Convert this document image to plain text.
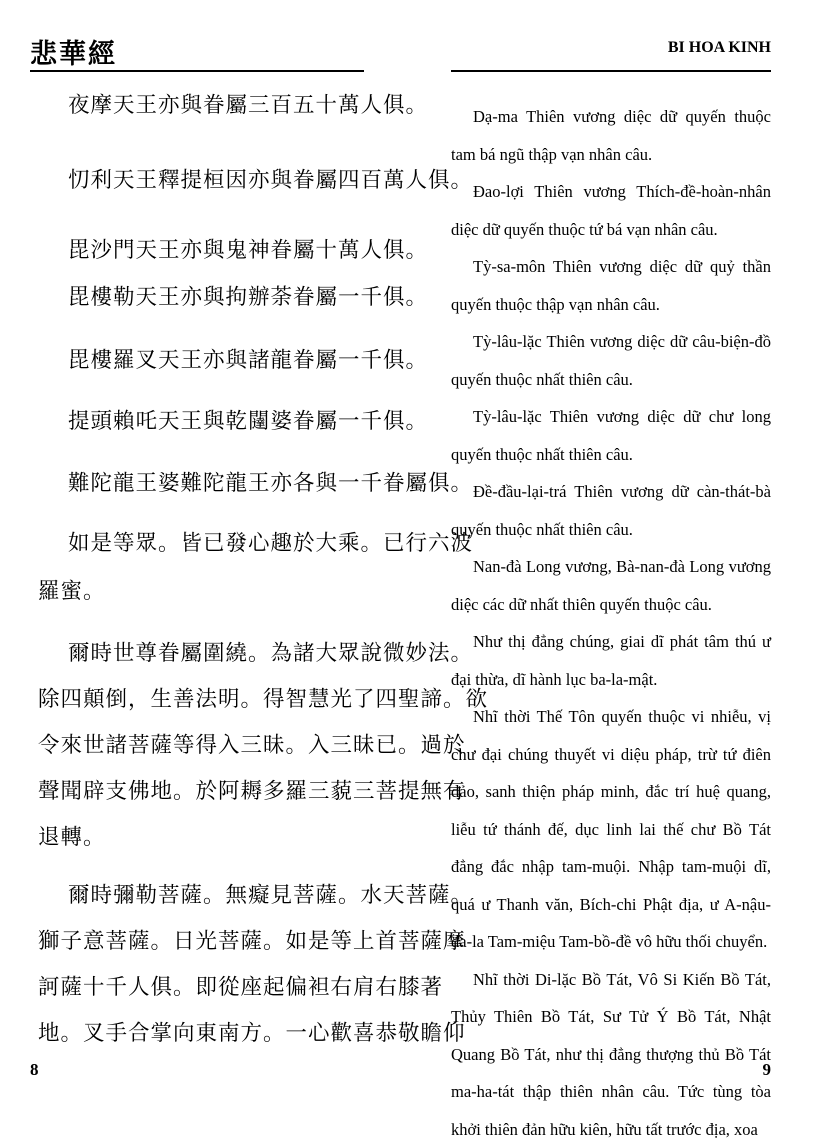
悲華經
夜摩天王亦與眷屬三百五十萬人俱。
忉利天王釋提桓因亦與眷屬四百萬人俱。
毘沙門天王亦與鬼神眷屬十萬人俱。
毘樓勒天王亦與拘辦荼眷屬一千俱。
毘樓羅叉天王亦與諸龍眷屬一千俱。
提頭賴吒天王與乾闥婆眷屬一千俱。
難陀龍王婆難陀龍王亦各與一千眷屬俱。
如是等眾。皆已發心趣於大乘。已行六波
羅蜜。
爾時世尊眷屬圍繞。為諸大眾說微妙法。
除四顛倒，生善法明。得智慧光了四聖諦。欲
令來世諸菩薩等得入三昧。入三昧已。過於
聲聞辟支佛地。於阿耨多羅三藐三菩提無有
退轉。
爾時彌勒菩薩。無癡見菩薩。水天菩薩。
獅子意菩薩。日光菩薩。如是等上首菩薩摩
訶薩十千人俱。即從座起偏袒右肩右膝著
地。叉手合掌向東南方。一心歡喜恭敬瞻仰
8
BI HOA KINH

Dạ-ma Thiên vương diệc dữ quyến thuộc tam bá ngũ thập vạn nhân câu.

Đao-lợi Thiên vương Thích-đề-hoàn-nhân diệc dữ quyến thuộc tứ bá vạn nhân câu.

Tỳ-sa-môn Thiên vương diệc dữ quỷ thần quyến thuộc thập vạn nhân câu.

Tỳ-lâu-lặc Thiên vương diệc dữ câu-biện-đồ quyến thuộc nhất thiên câu.

Tỳ-lâu-lặc Thiên vương diệc dữ chư long quyến thuộc nhất thiên câu.

Đề-đầu-lại-trá Thiên vương dữ càn-thát-bà quyến thuộc nhất thiên câu.

Nan-đà Long vương, Bà-nan-đà Long vương diệc các dữ nhất thiên quyến thuộc câu.

Như thị đẳng chúng, giai dĩ phát tâm thú ư đại thừa, dĩ hành lục ba-la-mật.

Nhĩ thời Thế Tôn quyến thuộc vi nhiễu, vị chư đại chúng thuyết vi diệu pháp, trừ tứ điên đảo, sanh thiện pháp minh, đắc trí huệ quang, liễu tứ thánh đế, dục linh lai thế chư Bồ Tát đẳng đắc nhập tam-muội. Nhập tam-muội dĩ, quá ư Thanh văn, Bích-chi Phật địa, ư A-nậu-đa-la Tam-miệu Tam-bồ-đề vô hữu thối chuyển.

Nhĩ thời Di-lặc Bồ Tát, Vô Si Kiến Bồ Tát, Thủy Thiên Bồ Tát, Sư Tử Ý Bồ Tát, Nhật Quang Bồ Tát, như thị đẳng thượng thủ Bồ Tát ma-ha-tát thập thiên nhân câu. Tức tùng tòa khởi thiên đản hữu kiên, hữu tất trước địa, xoa

9
